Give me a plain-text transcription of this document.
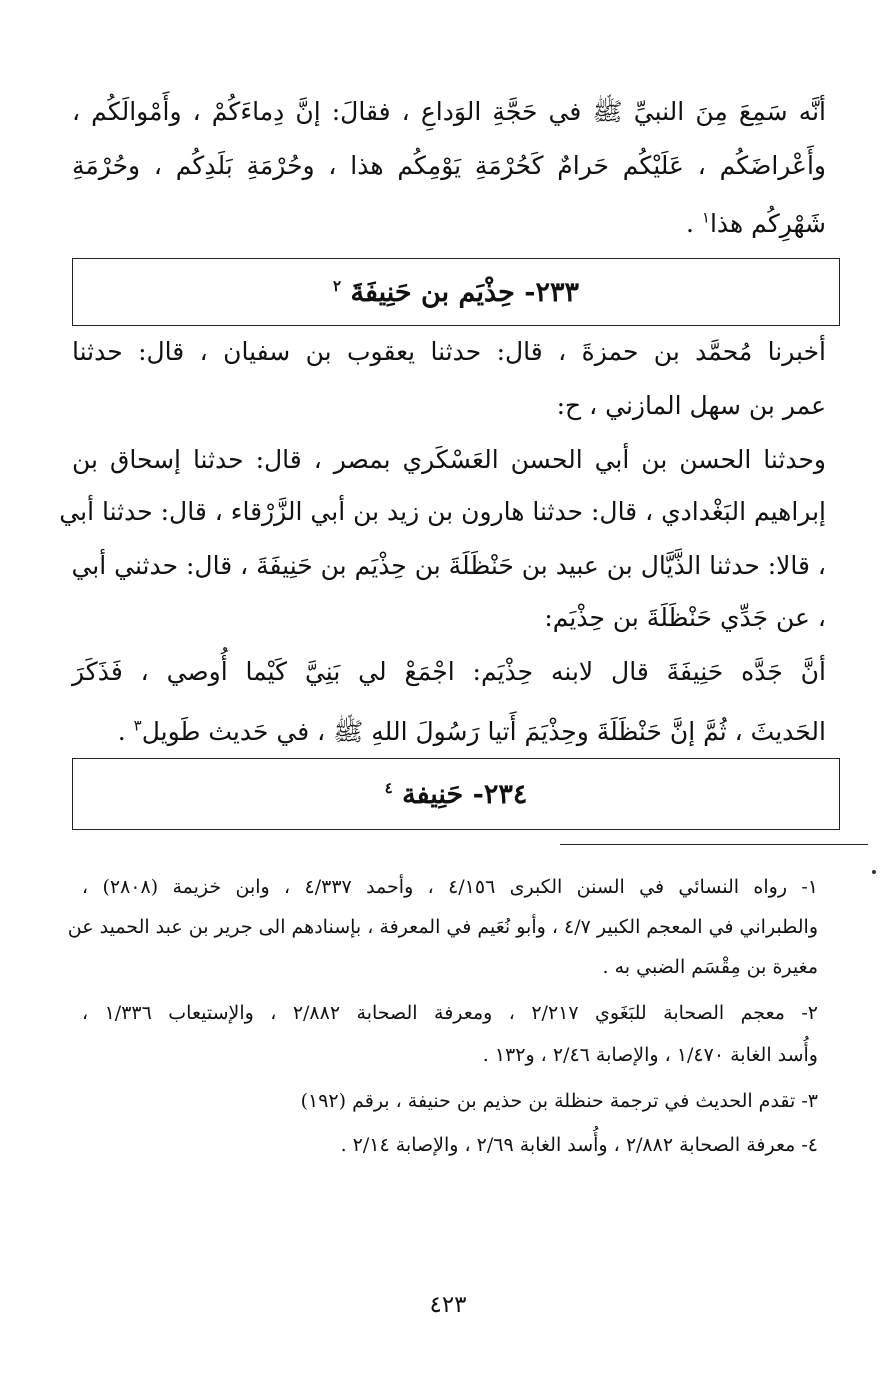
أنَّه سَمِعَ مِنَ النبيِّ ﷺ في حَجَّةِ الوَداعِ ، فقالَ: إنَّ دِماءَكُمْ ، وأَمْوالَكُم ،
وأَعْراضَكُم ، عَلَيْكُم حَرامٌ كَحُرْمَةِ يَوْمِكُم هذا ، وحُرْمَةِ بَلَدِكُم ، وحُرْمَةِ
شَهْرِكُم هذا$^١$ .
٢٣٣- حِذْيَم بن حَنِيفَةَ $^٢$
أخبرنا مُحمَّد بن حمزةَ ، قال: حدثنا يعقوب بن سفيان ، قال: حدثنا
عمر بن سهل المازني ، ح:
وحدثنا الحسن بن أبي الحسن العَسْكَري بمصر ، قال: حدثنا إسحاق بن
إبراهيم البَغْدادي ، قال: حدثنا هارون بن زيد بن أبي الزَّرْقاء ، قال: حدثنا أبي
، قالا: حدثنا الذَّيَّال بن عبيد بن حَنْظَلَةَ بن حِذْيَم بن حَنِيفَةَ ، قال: حدثني أبي
، عن جَدِّي حَنْظَلَةَ بن حِذْيَم:
أنَّ جَدَّه حَنِيفَةَ قال لابنه حِذْيَم: اجْمَعْ لي بَنِيَّ كَيْما أُوصي ، فَذَكَرَ
الحَديثَ ، ثُمَّ إنَّ حَنْظَلَةَ وحِذْيَمَ أَتيا رَسُولَ اللهِ ﷺ ، في حَديث طَويل$^٣$ .
٢٣٤- حَنِيفة $^٤$
١- رواه النسائي في السنن الكبرى ٤/١٥٦ ، وأحمد ٤/٣٣٧ ، وابن خزيمة (٢٨٠٨) ،
والطبراني في المعجم الكبير ٤/٧ ، وأبو نُعَيم في المعرفة ، بإسنادهم الى جرير بن عبد الحميد عن
مغيرة بن مِقْسَم الضبي به .
٢- معجم الصحابة للبَغَوي ٢/٢١٧ ، ومعرفة الصحابة ٢/٨٨٢ ، والإستيعاب ١/٣٣٦ ،
وأُسد الغابة ١/٤٧٠ ، والإصابة ٢/٤٦ ، و١٣٢ .
٣- تقدم الحديث في ترجمة حنظلة بن حذيم بن حنيفة ، برقم (١٩٢)
٤- معرفة الصحابة ٢/٨٨٢ ، وأُسد الغابة ٢/٦٩ ، والإصابة ٢/١٤ .
٤٢٣
